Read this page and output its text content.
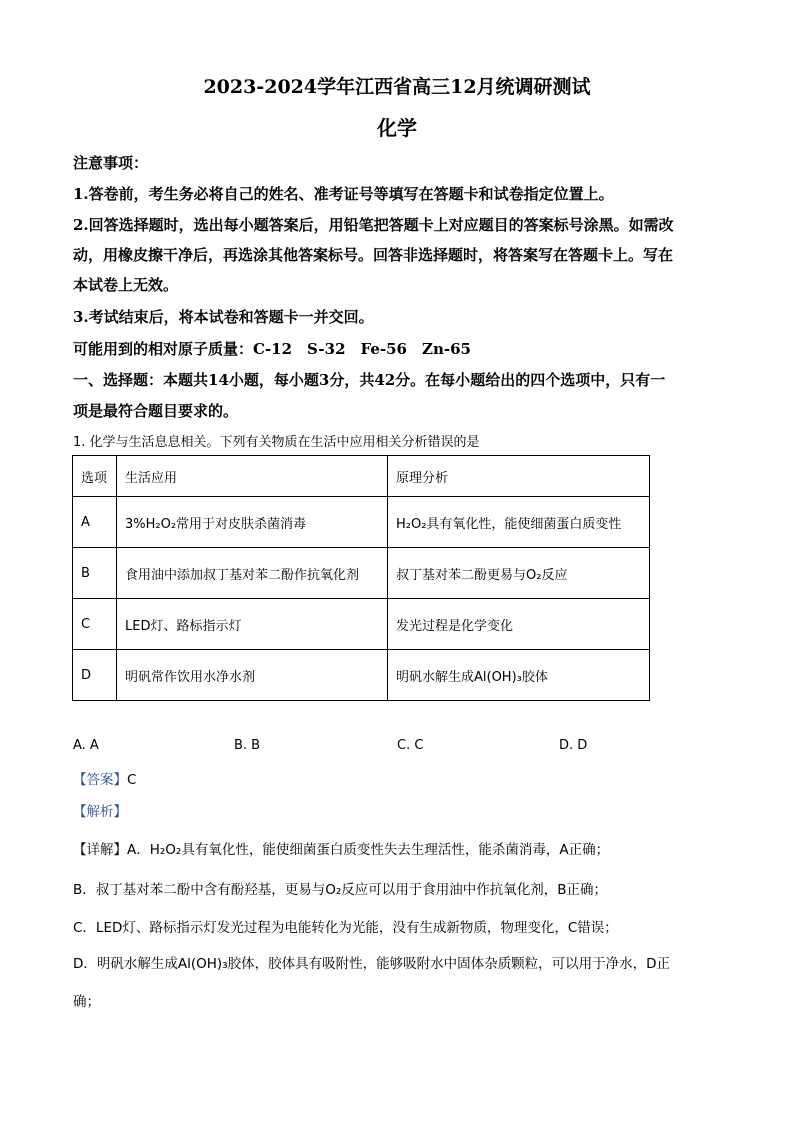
2023-2024学年江西省高三12月统调研测试
化学
注意事项：
1.答卷前，考生务必将自己的姓名、准考证号等填写在答题卡和试卷指定位置上。
2.回答选择题时，选出每小题答案后，用铅笔把答题卡上对应题目的答案标号涂黑。如需改
动，用橡皮擦干净后，再选涂其他答案标号。回答非选择题时，将答案写在答题卡上。写在
本试卷上无效。
3.考试结束后，将本试卷和答题卡一并交回。
可能用到的相对原子质量：C-12　S-32　Fe-56　Zn-65
一、选择题：本题共14小题，每小题3分，共42分。在每小题给出的四个选项中，只有一
项是最符合题目要求的。
1. 化学与生活息息相关。下列有关物质在生活中应用相关分析错误的是
选项	生活应用	原理分析
A	3%H₂O₂常用于对皮肤杀菌消毒	H₂O₂具有氧化性，能使细菌蛋白质变性
B	食用油中添加叔丁基对苯二酚作抗氧化剂	叔丁基对苯二酚更易与O₂反应
C	LED灯、路标指示灯	发光过程是化学变化
D	明矾常作饮用水净水剂	明矾水解生成Al(OH)₃胶体
A. A	B. B	C. C	D. D
【答案】C
【解析】
【详解】A．H₂O₂具有氧化性，能使细菌蛋白质变性失去生理活性，能杀菌消毒，A正确；
B．叔丁基对苯二酚中含有酚羟基，更易与O₂反应可以用于食用油中作抗氧化剂，B正确；
C．LED灯、路标指示灯发光过程为电能转化为光能，没有生成新物质，物理变化，C错误；
D．明矾水解生成Al(OH)₃胶体，胶体具有吸附性，能够吸附水中固体杂质颗粒，可以用于净水，D正
确；
